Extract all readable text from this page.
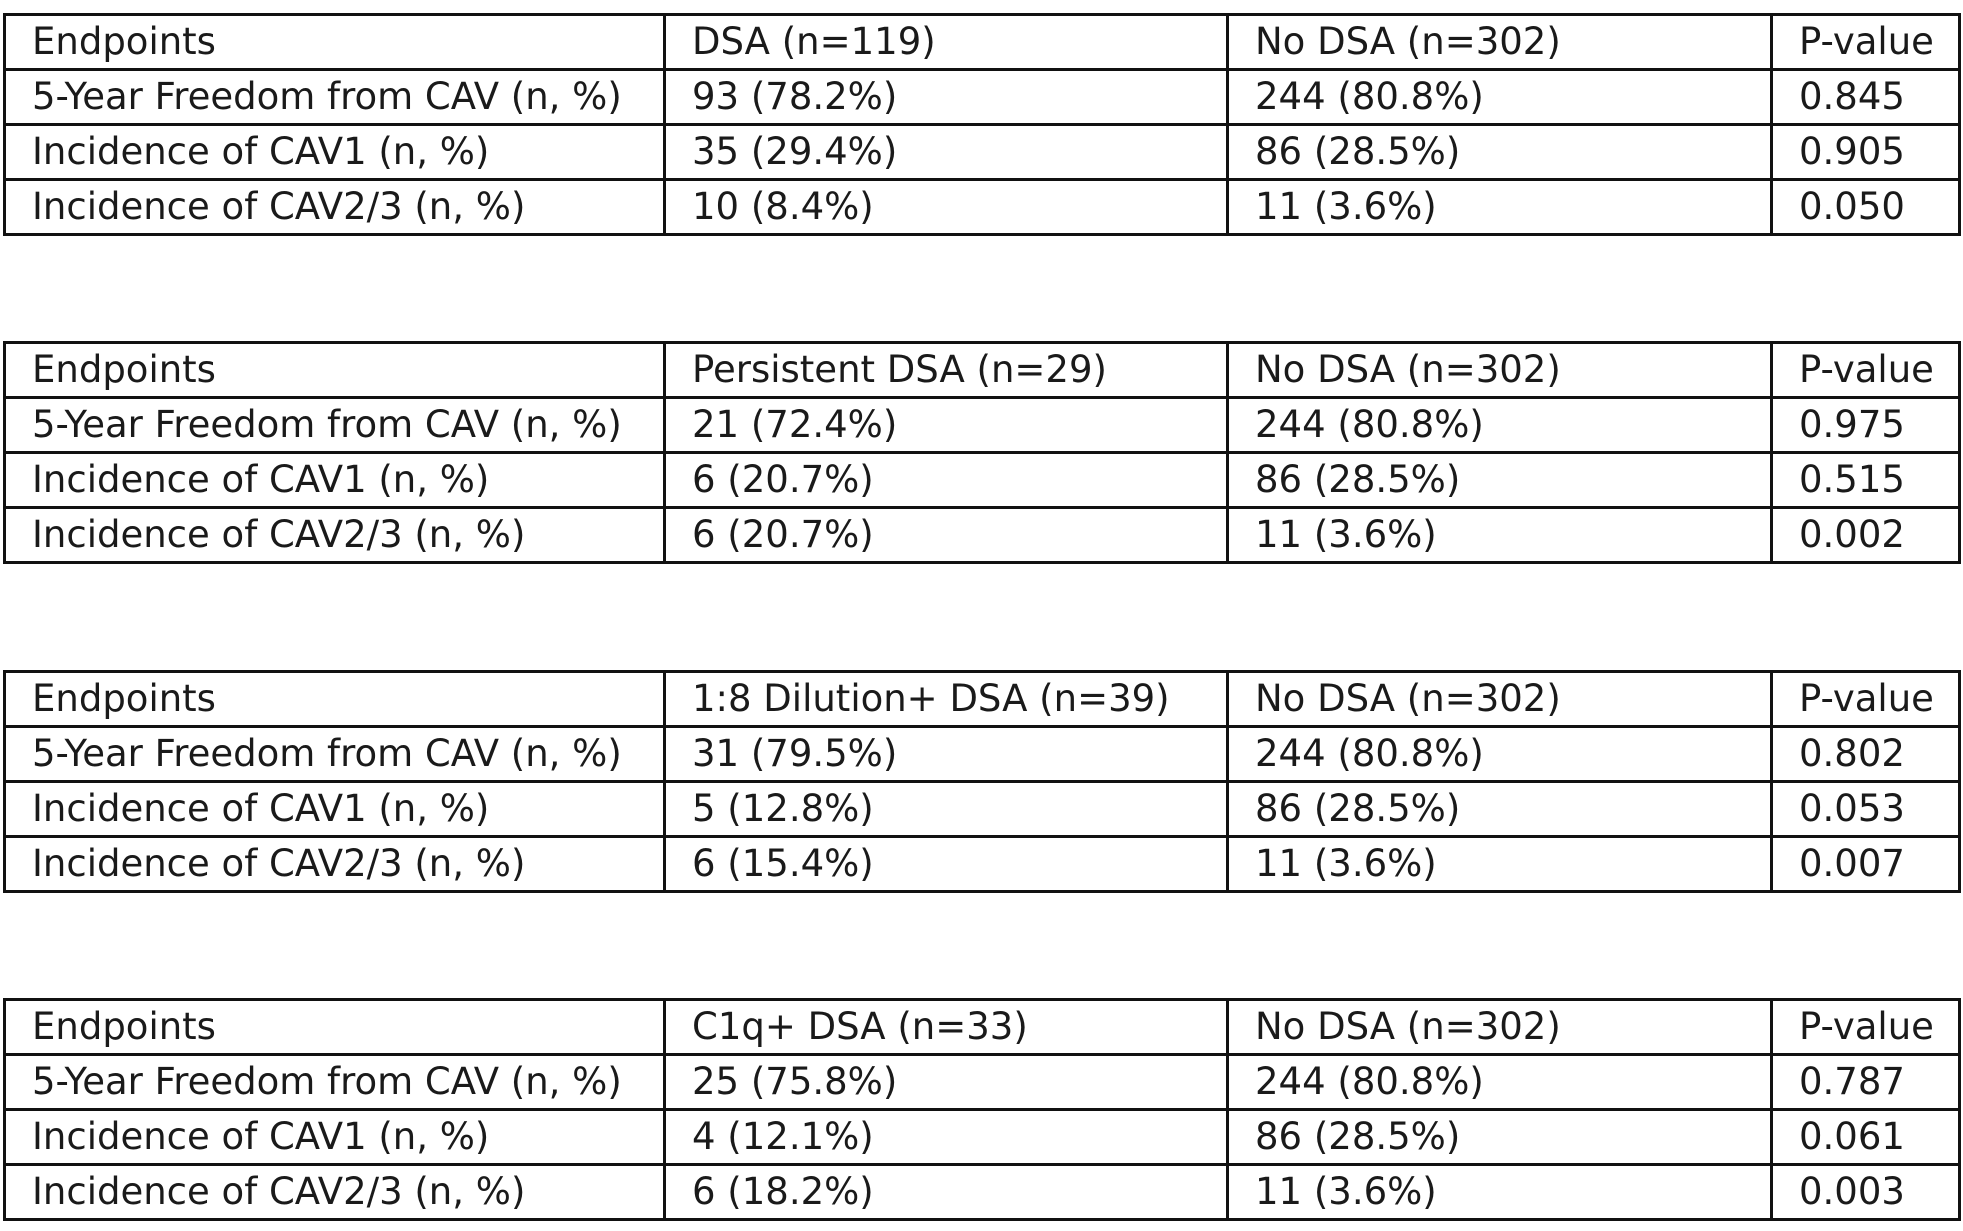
Endpoints	DSA (n=119)	No DSA (n=302)	P-value
5-Year Freedom from CAV (n, %)	93 (78.2%)	244 (80.8%)	0.845
Incidence of CAV1 (n, %)	35 (29.4%)	86 (28.5%)	0.905
Incidence of CAV2/3 (n, %)	10 (8.4%)	11 (3.6%)	0.050
Endpoints	Persistent DSA (n=29)	No DSA (n=302)	P-value
5-Year Freedom from CAV (n, %)	21 (72.4%)	244 (80.8%)	0.975
Incidence of CAV1 (n, %)	6 (20.7%)	86 (28.5%)	0.515
Incidence of CAV2/3 (n, %)	6 (20.7%)	11 (3.6%)	0.002
Endpoints	1:8 Dilution+ DSA (n=39)	No DSA (n=302)	P-value
5-Year Freedom from CAV (n, %)	31 (79.5%)	244 (80.8%)	0.802
Incidence of CAV1 (n, %)	5 (12.8%)	86 (28.5%)	0.053
Incidence of CAV2/3 (n, %)	6 (15.4%)	11 (3.6%)	0.007
Endpoints	C1q+ DSA (n=33)	No DSA (n=302)	P-value
5-Year Freedom from CAV (n, %)	25 (75.8%)	244 (80.8%)	0.787
Incidence of CAV1 (n, %)	4 (12.1%)	86 (28.5%)	0.061
Incidence of CAV2/3 (n, %)	6 (18.2%)	11 (3.6%)	0.003
